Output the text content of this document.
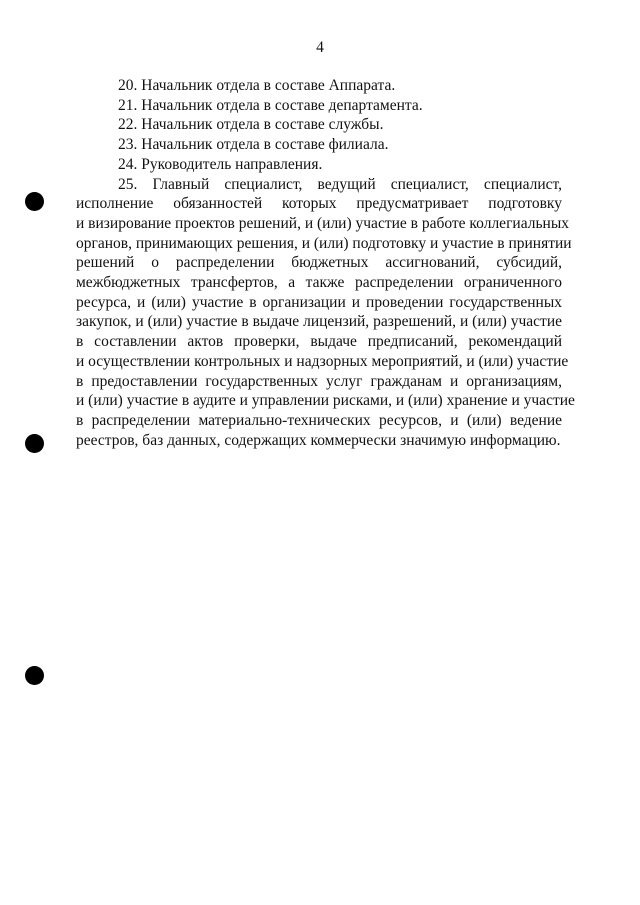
4

20. Начальник отдела в составе Аппарата.

21. Начальник отдела в составе департамента.

22. Начальник отдела в составе службы.

23. Начальник отдела в составе филиала.

24. Руководитель направления.

25. Главный специалист, ведущий специалист, специалист,
исполнение обязанностей которых предусматривает подготовку
и визирование проектов решений, и (или) участие в работе коллегиальных
органов, принимающих решения, и (или) подготовку и участие в принятии
решений о распределении бюджетных ассигнований, субсидий,
межбюджетных трансфертов, а также распределении ограниченного
ресурса, и (или) участие в организации и проведении государственных
закупок, и (или) участие в выдаче лицензий, разрешений, и (или) участие
в составлении актов проверки, выдаче предписаний, рекомендаций
и осуществлении контрольных и надзорных мероприятий, и (или) участие
в предоставлении государственных услуг гражданам и организациям,
и (или) участие в аудите и управлении рисками, и (или) хранение и участие
в распределении материально-технических ресурсов, и (или) ведение
реестров, баз данных, содержащих коммерчески значимую информацию.
